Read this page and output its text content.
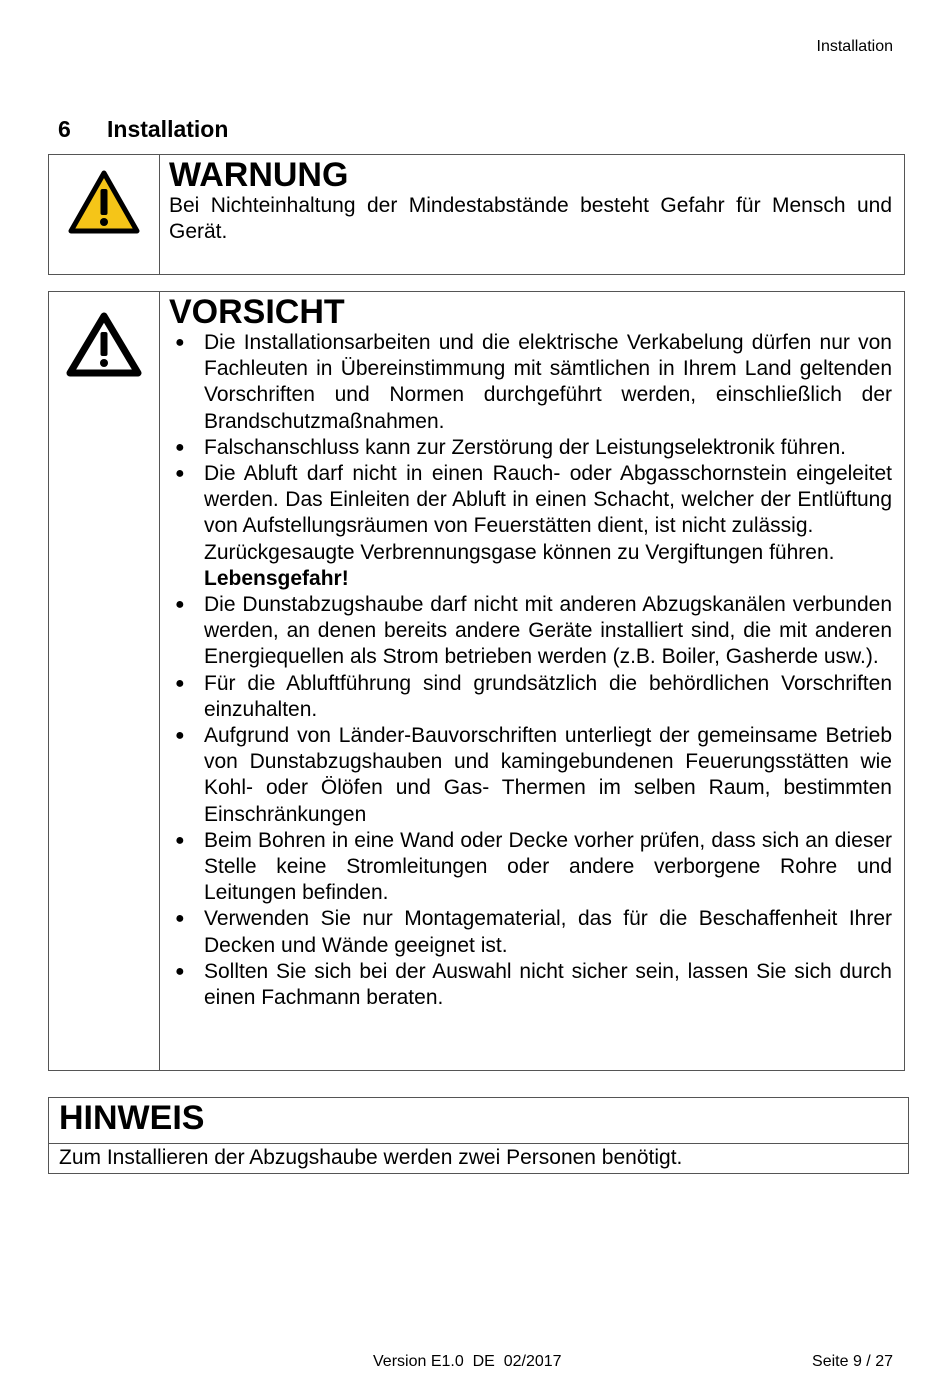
Installation
6 Installation
WARNUNG
Bei Nichteinhaltung der Mindestabstände besteht Gefahr für Mensch und Gerät.
VORSICHT
● Die Installationsarbeiten und die elektrische Verkabelung dürfen nur von Fachleuten in Übereinstimmung mit sämtlichen in Ihrem Land geltenden Vorschriften und Normen durchgeführt werden, einschließlich der Brandschutzmaßnahmen.
● Falschanschluss kann zur Zerstörung der Leistungselektronik führen.
● Die Abluft darf nicht in einen Rauch- oder Abgasschornstein eingeleitet werden. Das Einleiten der Abluft in einen Schacht, welcher der Entlüftung von Aufstellungsräumen von Feuerstätten dient, ist nicht zulässig.
Zurückgesaugte Verbrennungsgase können zu Vergiftungen führen.
Lebensgefahr!
● Die Dunstabzugshaube darf nicht mit anderen Abzugskanälen verbunden werden, an denen bereits andere Geräte installiert sind, die mit anderen Energiequellen als Strom betrieben werden (z.B. Boiler, Gasherde usw.).
● Für die Abluftführung sind grundsätzlich die behördlichen Vorschriften einzuhalten.
● Aufgrund von Länder-Bauvorschriften unterliegt der gemeinsame Betrieb von Dunstabzugshauben und kamingebundenen Feuerungsstätten wie Kohl- oder Ölöfen und Gas- Thermen im selben Raum, bestimmten Einschränkungen
● Beim Bohren in eine Wand oder Decke vorher prüfen, dass sich an dieser Stelle keine Stromleitungen oder andere verborgene Rohre und Leitungen befinden.
● Verwenden Sie nur Montagematerial, das für die Beschaffenheit Ihrer Decken und Wände geeignet ist.
● Sollten Sie sich bei der Auswahl nicht sicher sein, lassen Sie sich durch einen Fachmann beraten.
HINWEIS
Zum Installieren der Abzugshaube werden zwei Personen benötigt.
Version E1.0  DE  02/2017	Seite 9 / 27
